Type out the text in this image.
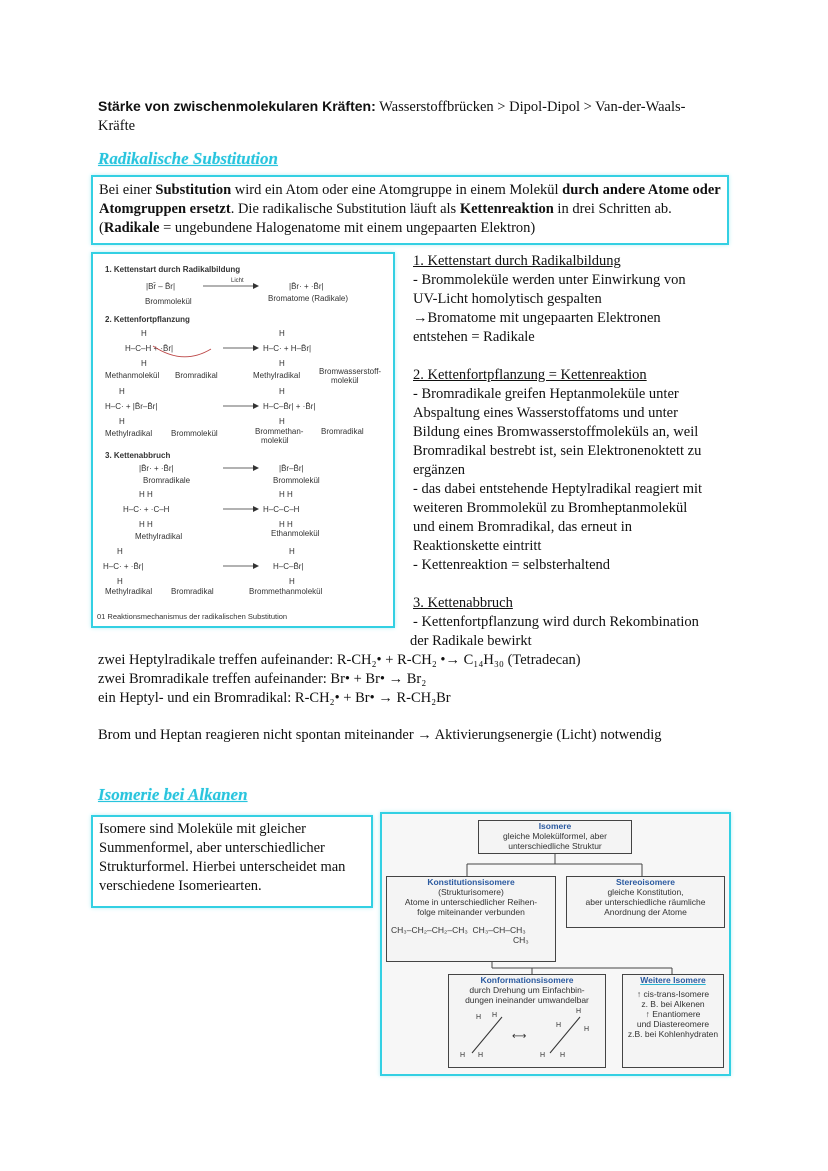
Stärke von zwischenmolekularen Kräften: Wasserstoffbrücken > Dipol-Dipol > Van-der-Waals-
Kräfte
Radikalische Substitution
Bei einer Substitution wird ein Atom oder eine Atomgruppe in einem Molekül durch andere Atome oder Atomgruppen ersetzt. Die radikalische Substitution läuft als Kettenreaktion in drei Schritten ab. (Radikale = ungebundene Halogenatome mit einem ungepaarten Elektron)
1. Kettenstart durch Radikalbildung
|Br̄ – B̄r|
Licht
|B̄r· + ·B̄r|
Brommolekül	Bromatome (Radikale)
2. Kettenfortpflanzung
H
H–C–H + ·B̄r|
H
H
H–C· + H–B̄r|
H
Methanmolekül Bromradikal	Methylradikal Bromwasserstoff-
molekül
H
H–C· + |B̄r–B̄r|
H
H
H–C–B̄r| + ·B̄r|
H
Methylradikal Brommolekül	Brommethan-
molekül
Bromradikal
3. Kettenabbruch
|B̄r· + ·B̄r|	|B̄r–B̄r|
Bromradikale	Brommolekül
H H
H–C· + ·C–H
H H
H H
H–C–C–H
H H
Methylradikal	Ethanmolekül
H
H–C· + ·B̄r|
H
H
H–C–B̄r|
H
Methylradikal Bromradikal	Brommethanmolekül
01 Reaktionsmechanismus der radikalischen Substitution
1. Kettenstart durch Radikalbildung
- Brommoleküle werden unter Einwirkung von
UV-Licht homolytisch gespalten
→ Bromatome mit ungepaarten Elektronen
entstehen = Radikale
2. Kettenfortpflanzung = Kettenreaktion
- Bromradikale greifen Heptanmoleküle unter
Abspaltung eines Wasserstoffatoms und unter
Bildung eines Bromwasserstoffmoleküls an, weil
Bromradikal bestrebt ist, sein Elektronenoktett zu
ergänzen
- das dabei entstehende Heptylradikal reagiert mit
weiteren Brommolekül zu Bromheptanmolekül
und einem Bromradikal, das erneut in
Reaktionskette eintritt
- Kettenreaktion = selbsterhaltend
3. Kettenabbruch
- Kettenfortpflanzung wird durch Rekombination
der Radikale bewirkt
zwei Heptylradikale treffen aufeinander: R-CH₂• + R-CH₂ •→ C₁₄H₃₀ (Tetradecan)
zwei Bromradikale treffen aufeinander: Br• + Br• → Br₂
ein Heptyl- und ein Bromradikal: R-CH₂• + Br• → R-CH₂Br
Brom und Heptan reagieren nicht spontan miteinander → Aktivierungsenergie (Licht) notwendig
Isomerie bei Alkanen
Isomere sind Moleküle mit gleicher Summenformel, aber unterschiedlicher Strukturformel. Hierbei unterscheidet man verschiedene Isomeriearten.
Isomere
gleiche Molekülformel, aber
unterschiedliche Struktur
Konstitutionsisomere
(Strukturisomere)
Atome in unterschiedlicher Reihen-
folge miteinander verbunden
CH₃–CH₂–CH₂–CH₃ CH₃–CH–CH₃
CH₃
Stereoisomere
gleiche Konstitution,
aber unterschiedliche räumliche
Anordnung der Atome
Konformationsisomere
durch Drehung um Einfachbin-
dungen ineinander umwandelbar
H H
H H
⟷
H
H
H
H H
Weitere Isomere
↑ cis-trans-Isomere
z. B. bei Alkenen
↑ Enantiomere
und Diastereomere
z.B. bei Kohlenhydraten
